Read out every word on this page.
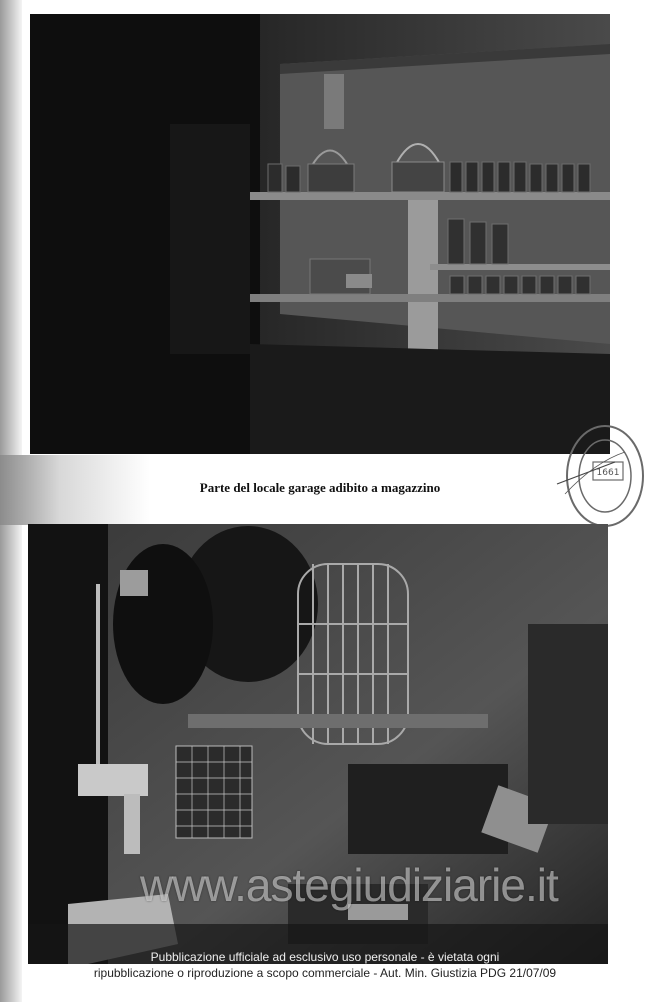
Parte del locale garage adibito a magazzino
1661
www.astegiudiziarie.it
Pubblicazione ufficiale ad esclusivo uso personale - è vietata ogni
ripubblicazione o riproduzione a scopo commerciale - Aut. Min. Giustizia PDG 21/07/09
